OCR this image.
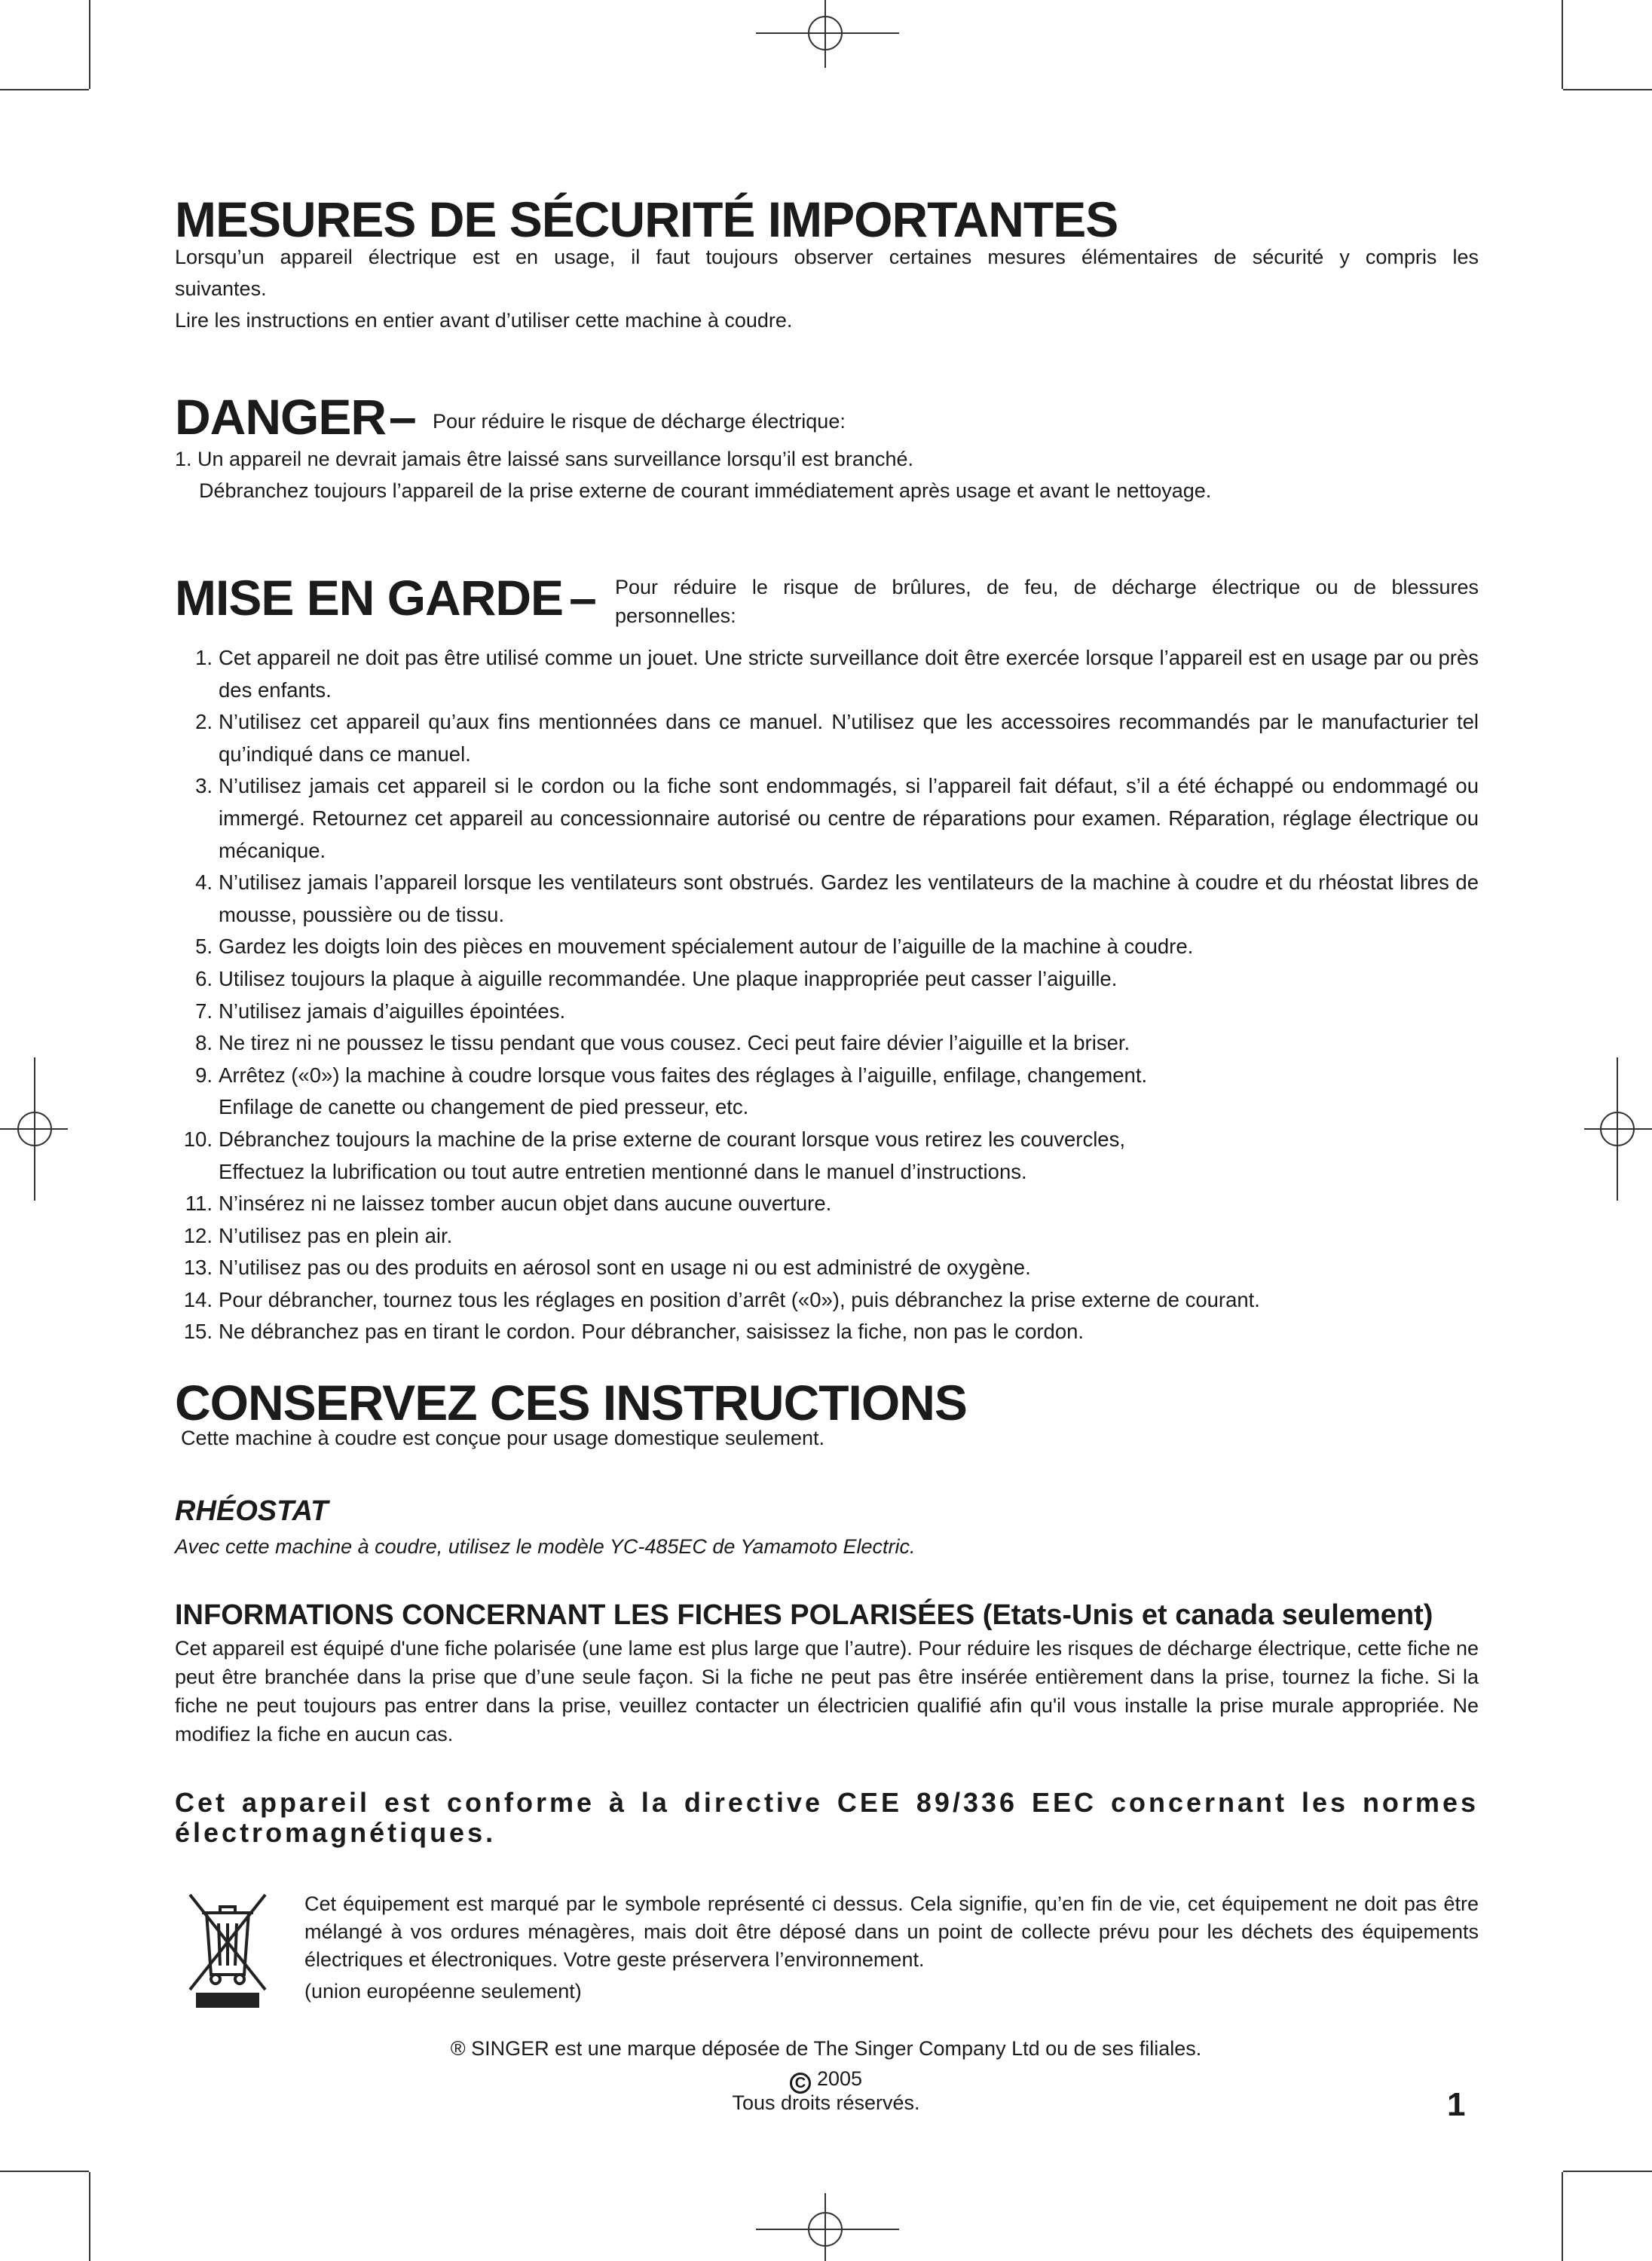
MESURES DE SÉCURITÉ IMPORTANTES
Lorsqu’un appareil électrique est en usage, il faut toujours observer certaines mesures élémentaires de sécurité y compris les
suivantes.
Lire les instructions en entier avant d’utiliser cette machine à coudre.
DANGER– Pour réduire le risque de décharge électrique:
1. Un appareil ne devrait jamais être laissé sans surveillance lorsqu’il est branché.
Débranchez toujours l’appareil de la prise externe de courant immédiatement après usage et avant le nettoyage.
MISE EN GARDE – Pour réduire le risque de brûlures, de feu, de décharge électrique ou de blessures personnelles:
1. Cet appareil ne doit pas être utilisé comme un jouet. Une stricte surveillance doit être exercée lorsque l’appareil est en usage par ou près des enfants.
2. N’utilisez cet appareil qu’aux fins mentionnées dans ce manuel. N’utilisez que les accessoires recommandés par le manufacturier tel qu’indiqué dans ce manuel.
3. N’utilisez jamais cet appareil si le cordon ou la fiche sont endommagés, si l’appareil fait défaut, s’il a été échappé ou endommagé ou immergé. Retournez cet appareil au concessionnaire autorisé ou centre de réparations pour examen. Réparation, réglage électrique ou mécanique.
4. N’utilisez jamais l’appareil lorsque les ventilateurs sont obstrués. Gardez les ventilateurs de la machine à coudre et du rhéostat libres de mousse, poussière ou de tissu.
5. Gardez les doigts loin des pièces en mouvement spécialement autour de l’aiguille de la machine à coudre.
6. Utilisez toujours la plaque à aiguille recommandée. Une plaque inappropriée peut casser l’aiguille.
7. N’utilisez jamais d’aiguilles épointées.
8. Ne tirez ni ne poussez le tissu pendant que vous cousez. Ceci peut faire dévier l’aiguille et la briser.
9. Arrêtez («0») la machine à coudre lorsque vous faites des réglages à l’aiguille, enfilage, changement.
Enfilage de canette ou changement de pied presseur, etc.
10. Débranchez toujours la machine de la prise externe de courant lorsque vous retirez les couvercles,
Effectuez la lubrification ou tout autre entretien mentionné dans le manuel d’instructions.
11. N’insérez ni ne laissez tomber aucun objet dans aucune ouverture.
12. N’utilisez pas en plein air.
13. N’utilisez pas ou des produits en aérosol sont en usage ni ou est administré de oxygène.
14. Pour débrancher, tournez tous les réglages en position d’arrêt («0»), puis débranchez la prise externe de courant.
15. Ne débranchez pas en tirant le cordon. Pour débrancher, saisissez la fiche, non pas le cordon.
CONSERVEZ CES INSTRUCTIONS
Cette machine à coudre est conçue pour usage domestique seulement.
RHÉOSTAT
Avec cette machine à coudre, utilisez le modèle YC-485EC de Yamamoto Electric.
INFORMATIONS CONCERNANT LES FICHES POLARISÉES (Etats-Unis et canada seulement)
Cet appareil est équipé d'une fiche polarisée (une lame est plus large que l’autre). Pour réduire les risques de décharge électrique, cette fiche ne peut être branchée dans la prise que d’une seule façon. Si la fiche ne peut pas être insérée entièrement dans la prise, tournez la fiche. Si la fiche ne peut toujours pas entrer dans la prise, veuillez contacter un électricien qualifié afin qu'il vous installe la prise murale appropriée. Ne modifiez la fiche en aucun cas.
Cet appareil est conforme à la directive CEE 89/336 EEC concernant les normes électromagnétiques.
Cet équipement est marqué par le symbole représenté ci dessus. Cela signifie, qu’en fin de vie, cet équipement ne doit pas être mélangé à vos ordures ménagères, mais doit être déposé dans un point de collecte prévu pour les déchets des équipements électriques et électroniques. Votre geste préservera l’environnement.
(union européenne seulement)
® SINGER est une marque déposée de The Singer Company Ltd ou de ses filiales.
C 2005
Tous droits réservés.	1
